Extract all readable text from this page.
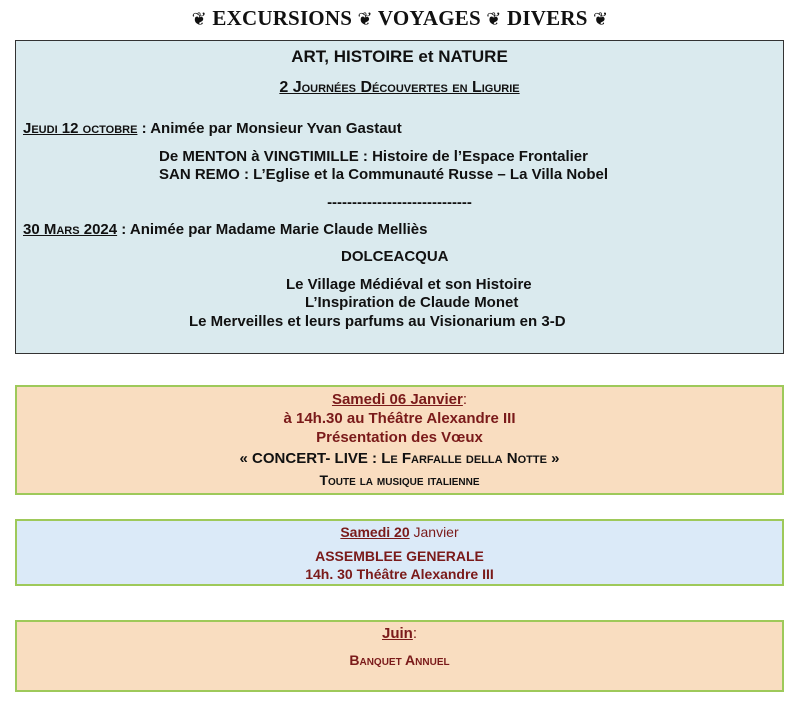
❦ EXCURSIONS ❦ VOYAGES ❦ DIVERS ❦
ART, HISTOIRE et NATURE
2 Journées Découvertes en Ligurie
Jeudi 12 octobre : Animée par Monsieur Yvan Gastaut
De MENTON à VINGTIMILLE : Histoire de l’Espace Frontalier
SAN REMO : L’Eglise et la Communauté Russe – La Villa Nobel
-----------------------------
30 Mars 2024 : Animée par Madame Marie Claude Melliès
DOLCEACQUA
Le Village Médiéval et son Histoire
L’Inspiration de Claude Monet
Le Merveilles et leurs parfums au Visionarium en 3-D
Samedi 06 Janvier:
à 14h.30 au Théâtre Alexandre III
Présentation des Vœux
« CONCERT- LIVE : Le Farfalle della Notte »
Toute la musique italienne
Samedi 20 Janvier
ASSEMBLEE GENERALE
14h. 30 Théâtre Alexandre III
Juin:
Banquet Annuel
